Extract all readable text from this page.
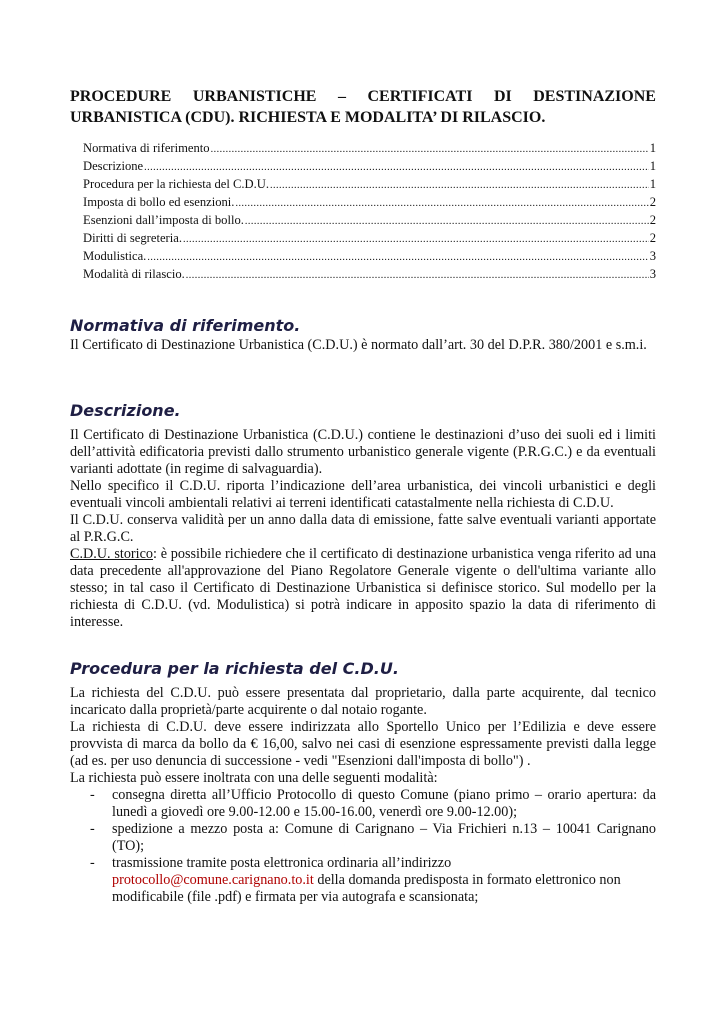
PROCEDURE URBANISTICHE – CERTIFICATI DI DESTINAZIONE
URBANISTICA (CDU). RICHIESTA E MODALITA’ DI RILASCIO.
Normativa di riferimento .....	1
Descrizione .....	1
Procedura per la richiesta del C.D.U. .....	1
Imposta di bollo ed esenzioni. .....	2
Esenzioni dall’imposta di bollo. .....	2
Diritti di segreteria. .....	2
Modulistica. .....	3
Modalità di rilascio. .....	3
Normativa di riferimento.

Il Certificato di Destinazione Urbanistica (C.D.U.) è normato dall’art. 30 del D.P.R. 380/2001 e s.m.i.

Descrizione.

Il Certificato di Destinazione Urbanistica (C.D.U.) contiene le destinazioni d’uso dei suoli ed i limiti dell’attività edificatoria previsti dallo strumento urbanistico generale vigente (P.R.G.C.) e da eventuali varianti adottate (in regime di salvaguardia).

Nello specifico il C.D.U. riporta l’indicazione dell’area urbanistica, dei vincoli urbanistici e degli eventuali vincoli ambientali relativi ai terreni identificati catastalmente nella richiesta di C.D.U.

Il C.D.U. conserva validità per un anno dalla data di emissione, fatte salve eventuali varianti apportate al P.R.G.C.

C.D.U. storico: è possibile richiedere che il certificato di destinazione urbanistica venga riferito ad una data precedente all'approvazione del Piano Regolatore Generale vigente o dell'ultima variante allo stesso; in tal caso il Certificato di Destinazione Urbanistica si definisce storico. Sul modello per la richiesta di C.D.U. (vd. Modulistica) si potrà indicare in apposito spazio la data di riferimento di interesse.

Procedura per la richiesta del C.D.U.

La richiesta del C.D.U. può essere presentata dal proprietario, dalla parte acquirente, dal tecnico incaricato dalla proprietà/parte acquirente o dal notaio rogante.

La richiesta di C.D.U. deve essere indirizzata allo Sportello Unico per l’Edilizia e deve essere provvista di marca da bollo da € 16,00, salvo nei casi di esenzione espressamente previsti dalla legge (ad es. per uso denuncia di successione - vedi "Esenzioni dall'imposta di bollo") .

La richiesta può essere inoltrata con una delle seguenti modalità:

- consegna diretta all’Ufficio Protocollo di questo Comune (piano primo – orario apertura: da lunedì a giovedì ore 9.00-12.00 e 15.00-16.00, venerdì ore 9.00-12.00);
- spedizione a mezzo posta a: Comune di Carignano – Via Frichieri n.13 – 10041 Carignano (TO);
- trasmissione tramite posta elettronica ordinaria all’indirizzo
protocollo@comune.carignano.to.it della domanda predisposta in formato elettronico non modificabile (file .pdf) e firmata per via autografa e scansionata;
